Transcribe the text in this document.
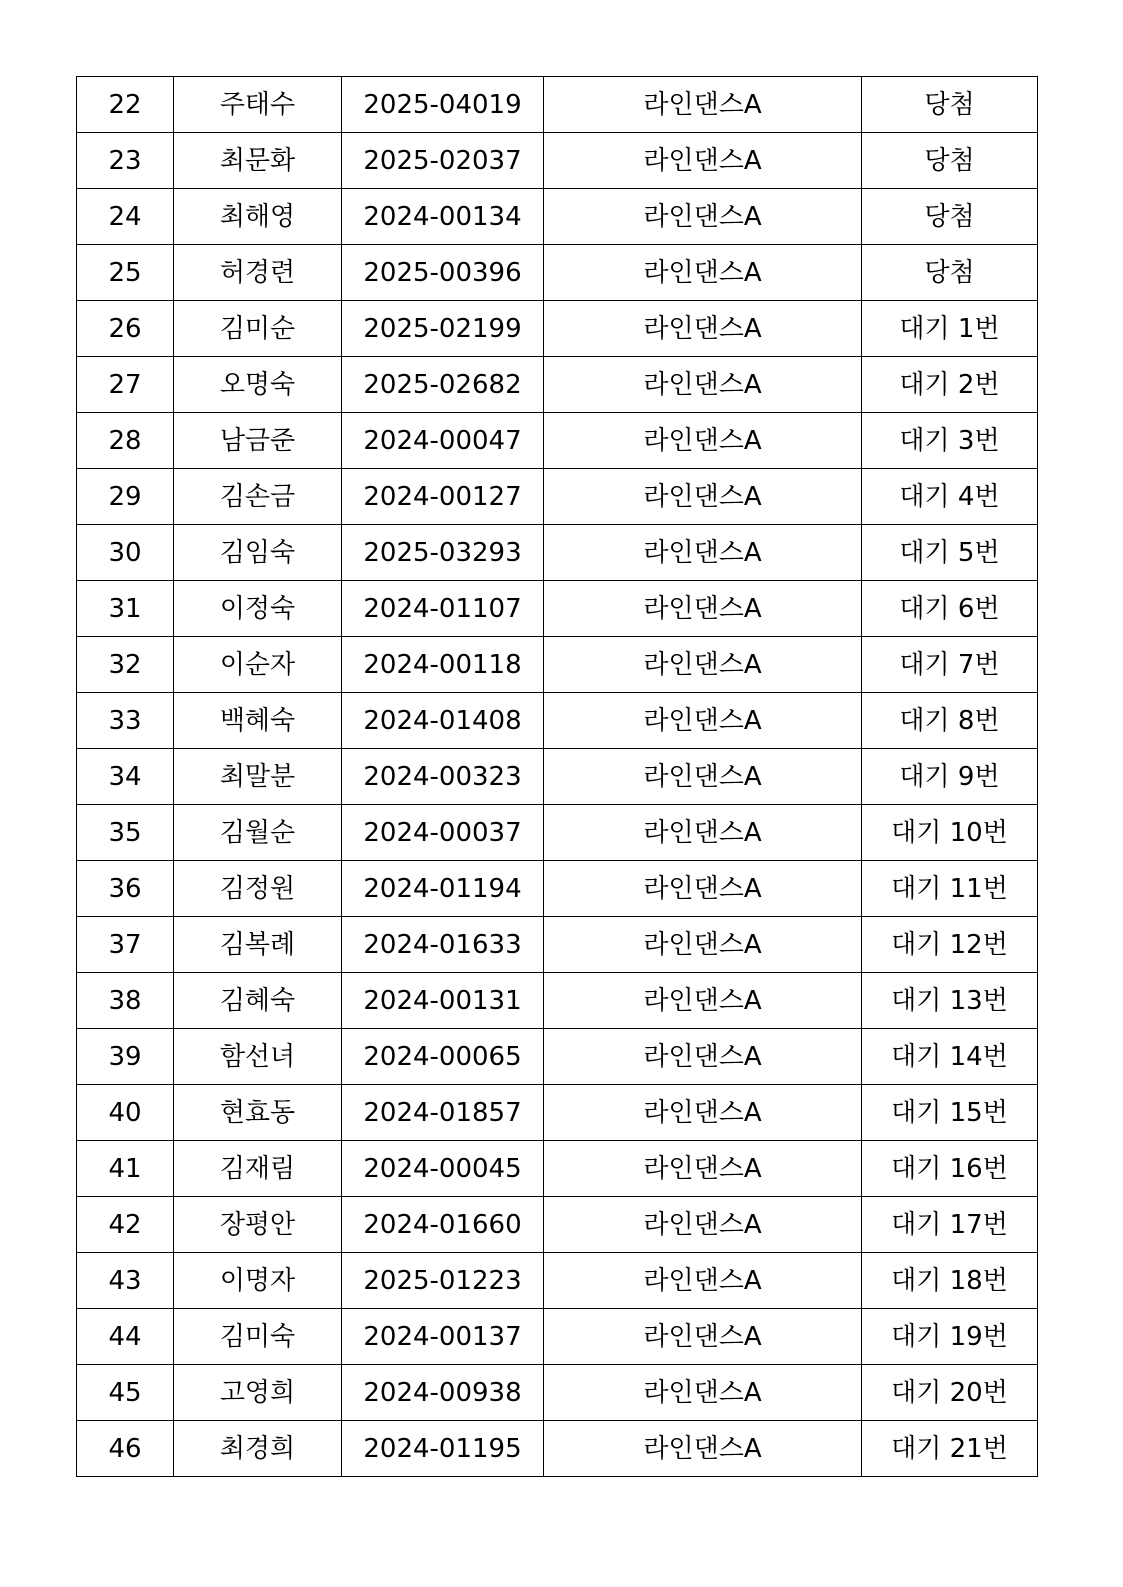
22	주태수	2025-04019	라인댄스A	당첨
23	최문화	2025-02037	라인댄스A	당첨
24	최해영	2024-00134	라인댄스A	당첨
25	허경련	2025-00396	라인댄스A	당첨
26	김미순	2025-02199	라인댄스A	대기 1번
27	오명숙	2025-02682	라인댄스A	대기 2번
28	남금준	2024-00047	라인댄스A	대기 3번
29	김손금	2024-00127	라인댄스A	대기 4번
30	김임숙	2025-03293	라인댄스A	대기 5번
31	이정숙	2024-01107	라인댄스A	대기 6번
32	이순자	2024-00118	라인댄스A	대기 7번
33	백혜숙	2024-01408	라인댄스A	대기 8번
34	최말분	2024-00323	라인댄스A	대기 9번
35	김월순	2024-00037	라인댄스A	대기 10번
36	김정원	2024-01194	라인댄스A	대기 11번
37	김복례	2024-01633	라인댄스A	대기 12번
38	김혜숙	2024-00131	라인댄스A	대기 13번
39	함선녀	2024-00065	라인댄스A	대기 14번
40	현효동	2024-01857	라인댄스A	대기 15번
41	김재림	2024-00045	라인댄스A	대기 16번
42	장평안	2024-01660	라인댄스A	대기 17번
43	이명자	2025-01223	라인댄스A	대기 18번
44	김미숙	2024-00137	라인댄스A	대기 19번
45	고영희	2024-00938	라인댄스A	대기 20번
46	최경희	2024-01195	라인댄스A	대기 21번
